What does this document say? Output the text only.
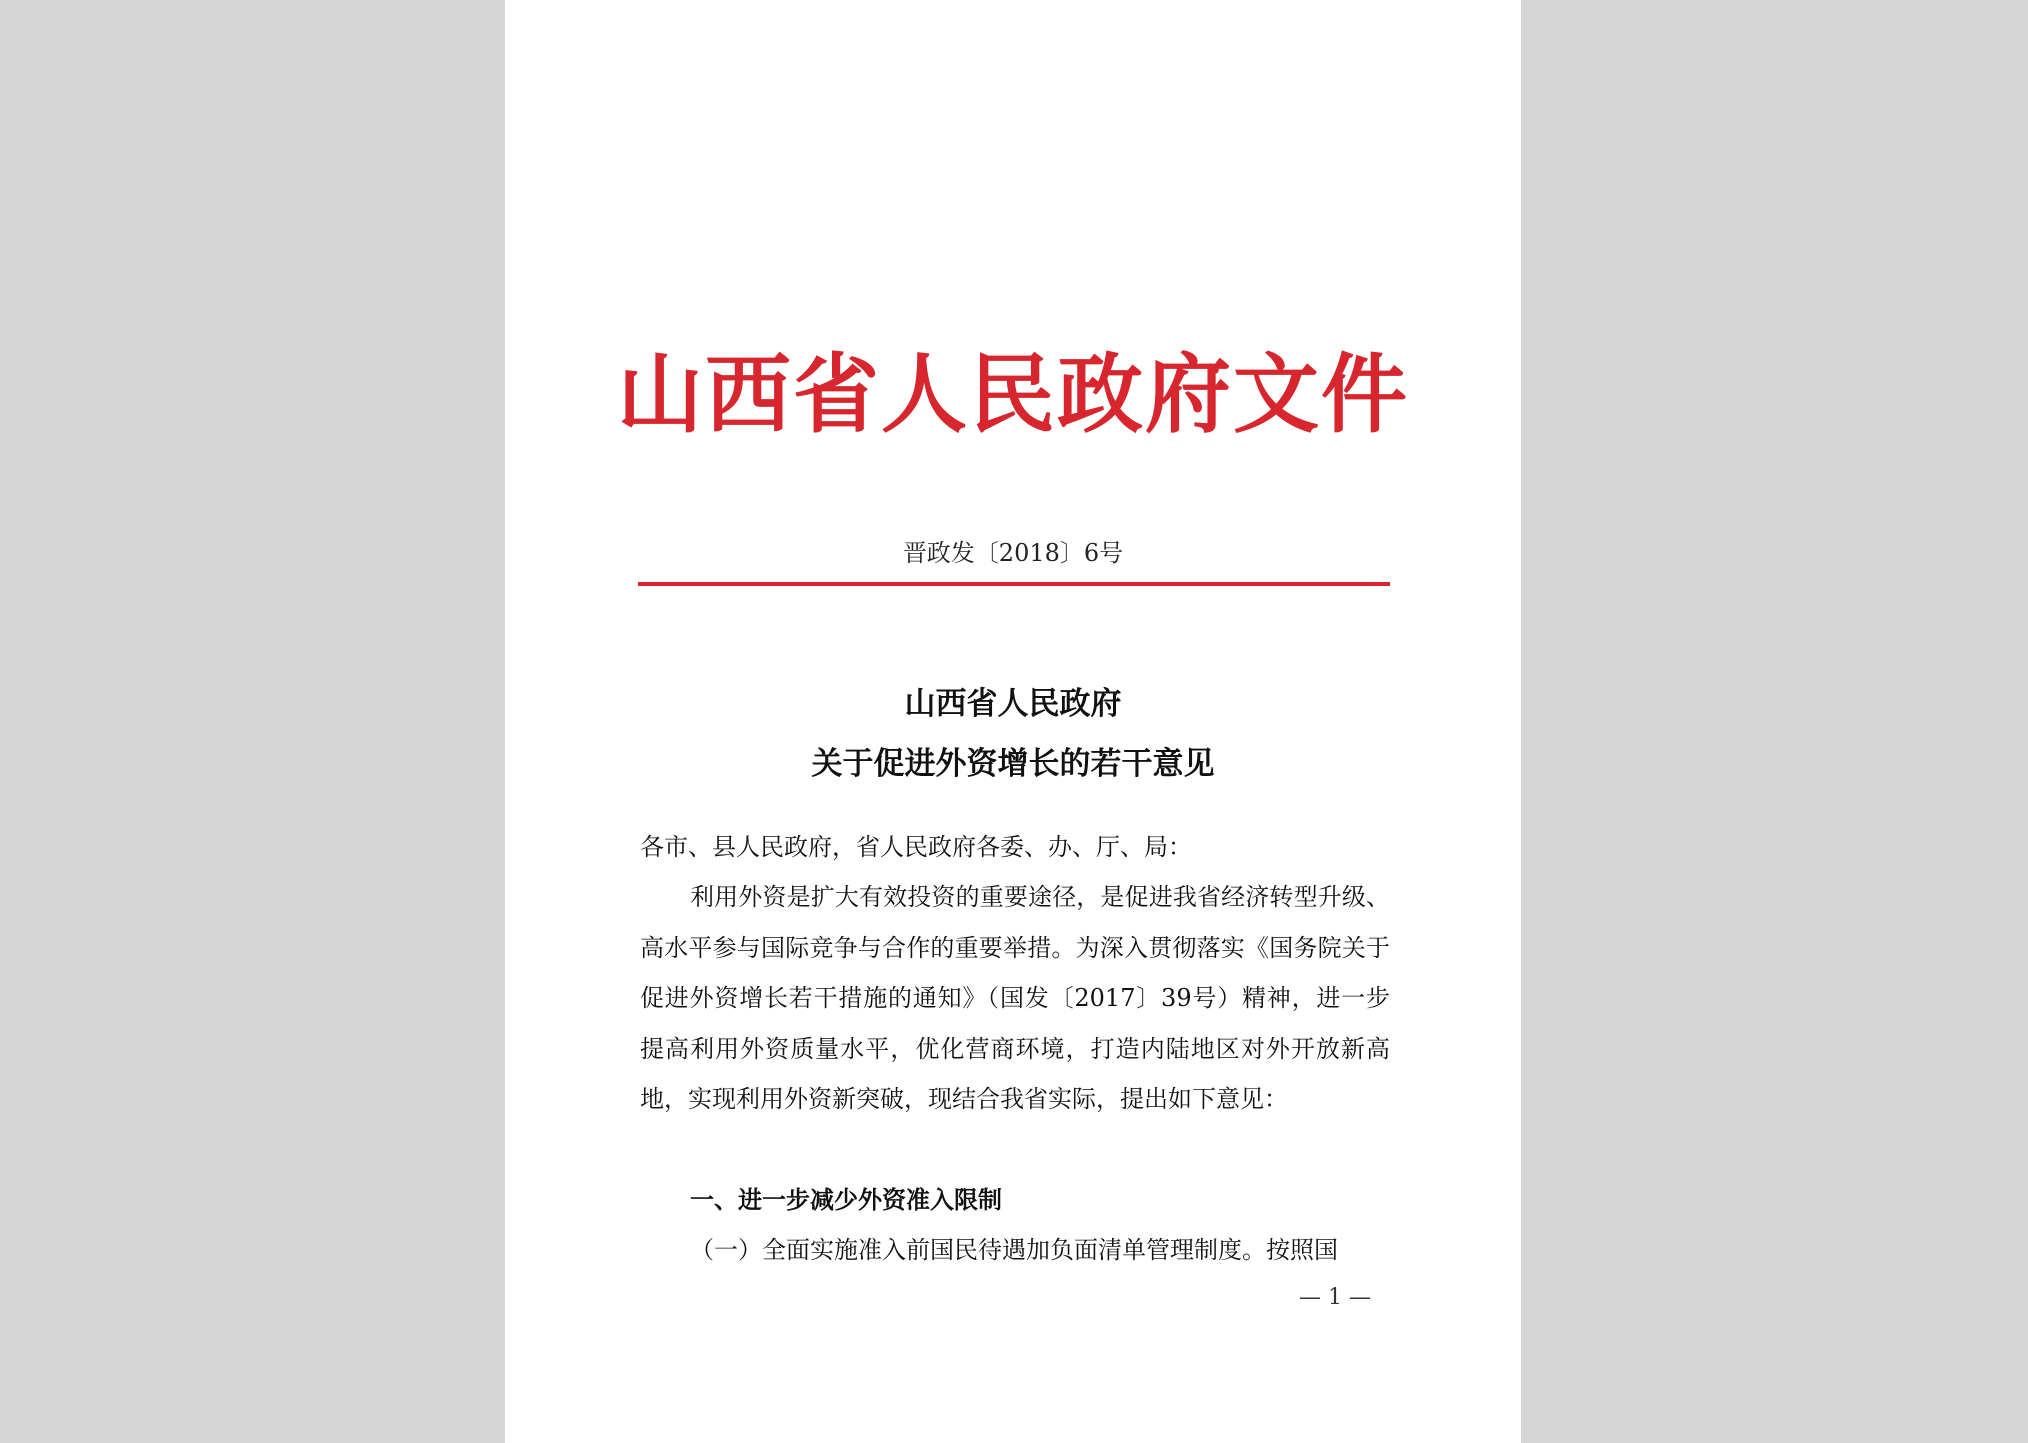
山西省人民政府文件
晋政发〔2018〕6号
山西省人民政府
关于促进外资增长的若干意见
各市、县人民政府，省人民政府各委、办、厅、局：
利用外资是扩大有效投资的重要途径，是促进我省经济转型升级、高水平参与国际竞争与合作的重要举措。为深入贯彻落实《国务院关于促进外资增长若干措施的通知》（国发〔2017〕39号）精神，进一步提高利用外资质量水平，优化营商环境，打造内陆地区对外开放新高地，实现利用外资新突破，现结合我省实际，提出如下意见：
一、进一步减少外资准入限制
（一）全面实施准入前国民待遇加负面清单管理制度。按照国
— 1 —
